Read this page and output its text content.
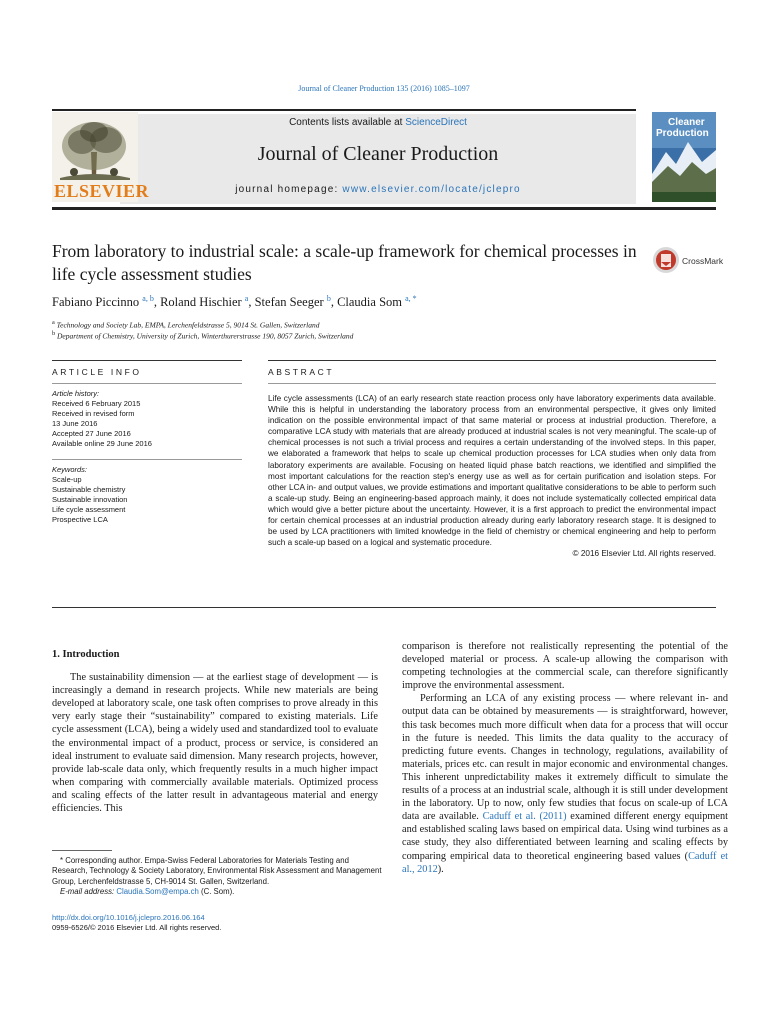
Journal of Cleaner Production 135 (2016) 1085–1097
Contents lists available at ScienceDirect
Journal of Cleaner Production
journal homepage: www.elsevier.com/locate/jclepro
ELSEVIER
Cleaner
Production
From laboratory to industrial scale: a scale-up framework for chemical processes in life cycle assessment studies
CrossMark
Fabiano Piccinno $^{a, b}$, Roland Hischier $^a$, Stefan Seeger $^b$, Claudia Som $^{a, *}$
$^a$ Technology and Society Lab, EMPA, Lerchenfeldstrasse 5, 9014 St. Gallen, Switzerland
$^b$ Department of Chemistry, University of Zurich, Winterthurerstrasse 190, 8057 Zurich, Switzerland
ARTICLE INFO

Article history:

Received 6 February 2015

Received in revised form

13 June 2016

Accepted 27 June 2016

Available online 29 June 2016

Keywords:

Scale-up

Sustainable chemistry

Sustainable innovation

Life cycle assessment

Prospective LCA

ABSTRACT
Life cycle assessments (LCA) of an early research state reaction process only have laboratory experiments data available. While this is helpful in understanding the laboratory process from an environmental perspective, it gives only limited indication on the possible environmental impact of that same material or process at industrial production. Therefore, a comparative LCA study with materials that are already produced at industrial scales is not very meaningful. The scale-up of chemical processes is not such a trivial process and requires a certain understanding of the involved steps. In this paper, we elaborated a framework that helps to scale up chemical production processes for LCA studies when only data from laboratory experiments are available. Focusing on heated liquid phase batch reactions, we identified and simplified the most important calculations for the reaction step's energy use as well as for certain purification and isolation steps. For other LCA in- and output values, we provide estimations and important qualitative considerations to be able to perform such a scale-up study. Being an engineering-based approach mainly, it does not include systematically collected empirical data which would give a better picture about the uncertainty. However, it is a first approach to predict the environmental impact for certain chemical processes at an industrial production already during early laboratory research stage. It is designed to be used by LCA practitioners with limited knowledge in the field of chemistry or chemical engineering and help to perform such a scale-up based on a logical and systematic procedure.
© 2016 Elsevier Ltd. All rights reserved.
1. Introduction

The sustainability dimension — at the earliest stage of development — is increasingly a demand in research projects. While new materials are being developed at laboratory scale, one task often comprises to prove already in this very early stage their “sustainability” compared to existing materials. Life cycle assessment (LCA), being a widely used and standardized tool to evaluate the environmental impact of a product, process or service, is considered an ideal instrument to evaluate said dimension. Many research projects, however, provide lab-scale data only, which frequently results in a much higher impact when comparing with commercially available materials. Optimized process and scaling effects of the latter result in advantageous material and energy efficiencies. This

* Corresponding author. Empa-Swiss Federal Laboratories for Materials Testing and Research, Technology & Society Laboratory, Environmental Risk Assessment and Management Group, Lerchenfeldstrasse 5, CH-9014 St. Gallen, Switzerland.

E-mail address: Claudia.Som@empa.ch (C. Som).

http://dx.doi.org/10.1016/j.jclepro.2016.06.164
0959-6526/© 2016 Elsevier Ltd. All rights reserved.

comparison is therefore not realistically representing the potential of the developed material or process. A scale-up allowing the comparison with competing technologies at the commercial scale, can therefore significantly improve the environmental assessment.

Performing an LCA of any existing process — where relevant in- and output data can be obtained by measurements — is straightforward, however, this task becomes much more difficult when data for a process that will occur in the future is needed. This limits the data quality to the accuracy of predicting future events. Changes in technology, regulations, availability of materials, prices etc. can result in major economic and environmental changes. This inherent unpredictability makes it extremely difficult to simulate the results of a process at an industrial scale, although it is still under development in the laboratory. Up to now, only few studies that focus on scale-up of LCA data are available. Caduff et al. (2011) examined different energy equipment and established scaling laws based on empirical data. Using wind turbines as a case study, they also differentiated between learning and scaling effects by comparing empirical data to theoretical engineering based values (Caduff et al., 2012).
